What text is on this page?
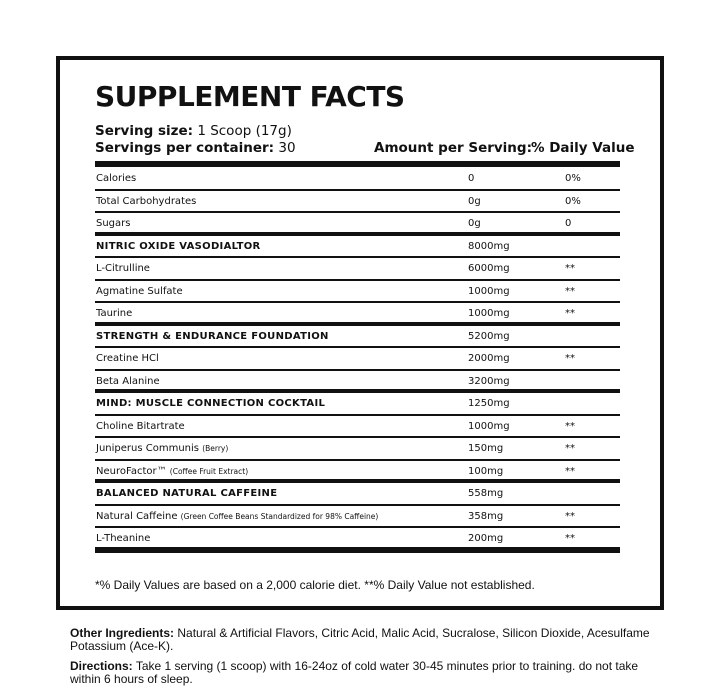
SUPPLEMENT FACTS
Serving size: 1 Scoop (17g)
Servings per container: 30	Amount per Serving: % Daily Value
Calories	0	0%
Total Carbohydrates	0g	0%
Sugars	0g	0
NITRIC OXIDE VASODIALTOR	8000mg
L-Citrulline	6000mg	**
Agmatine Sulfate	1000mg	**
Taurine	1000mg	**
STRENGTH & ENDURANCE FOUNDATION	5200mg
Creatine HCl	2000mg	**
Beta Alanine	3200mg
MIND: MUSCLE CONNECTION COCKTAIL	1250mg
Choline Bitartrate	1000mg	**
Juniperus Communis (Berry)	150mg	**
NeuroFactor™ (Coffee Fruit Extract)	100mg	**
BALANCED NATURAL CAFFEINE	558mg
Natural Caffeine (Green Coffee Beans Standardized for 98% Caffeine)	358mg	**
L-Theanine	200mg	**
*% Daily Values are based on a 2,000 calorie diet. **% Daily Value not established.
Other Ingredients: Natural & Artificial Flavors, Citric Acid, Malic Acid, Sucralose, Silicon Dioxide, Acesulfame Potassium (Ace-K).
Directions: Take 1 serving (1 scoop) with 16-24oz of cold water 30-45 minutes prior to training. do not take within 6 hours of sleep.
